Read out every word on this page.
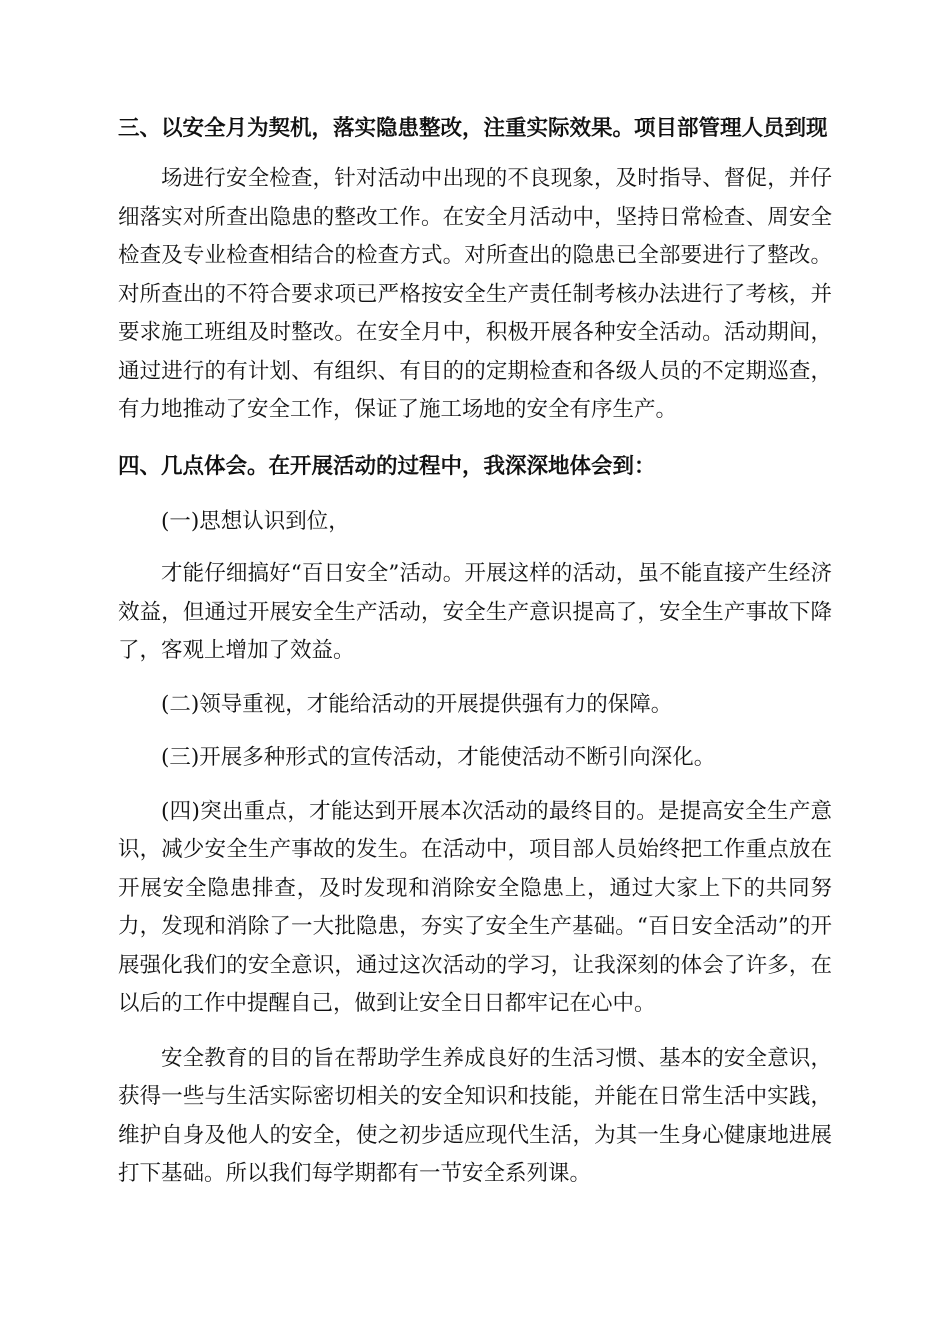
三、以安全月为契机，落实隐患整改，注重实际效果。项目部管理人员到现

场进行安全检查，针对活动中出现的不良现象，及时指导、督促，并仔细落实对所查出隐患的整改工作。在安全月活动中，坚持日常检查、周安全检查及专业检查相结合的检查方式。对所查出的隐患已全部要进行了整改。对所查出的不符合要求项已严格按安全生产责任制考核办法进行了考核，并要求施工班组及时整改。在安全月中，积极开展各种安全活动。活动期间，通过进行的有计划、有组织、有目的的定期检查和各级人员的不定期巡查，有力地推动了安全工作，保证了施工场地的安全有序生产。

四、几点体会。在开展活动的过程中，我深深地体会到：

(一)思想认识到位，

才能仔细搞好“百日安全”活动。开展这样的活动，虽不能直接产生经济效益，但通过开展安全生产活动，安全生产意识提高了，安全生产事故下降了，客观上增加了效益。

(二)领导重视，才能给活动的开展提供强有力的保障。

(三)开展多种形式的宣传活动，才能使活动不断引向深化。

(四)突出重点，才能达到开展本次活动的最终目的。是提高安全生产意识，减少安全生产事故的发生。在活动中，项目部人员始终把工作重点放在开展安全隐患排查，及时发现和消除安全隐患上，通过大家上下的共同努力，发现和消除了一大批隐患，夯实了安全生产基础。“百日安全活动”的开展强化我们的安全意识，通过这次活动的学习，让我深刻的体会了许多，在以后的工作中提醒自己，做到让安全日日都牢记在心中。

安全教育的目的旨在帮助学生养成良好的生活习惯、基本的安全意识，获得一些与生活实际密切相关的安全知识和技能，并能在日常生活中实践，维护自身及他人的安全，使之初步适应现代生活，为其一生身心健康地进展打下基础。所以我们每学期都有一节安全系列课。
